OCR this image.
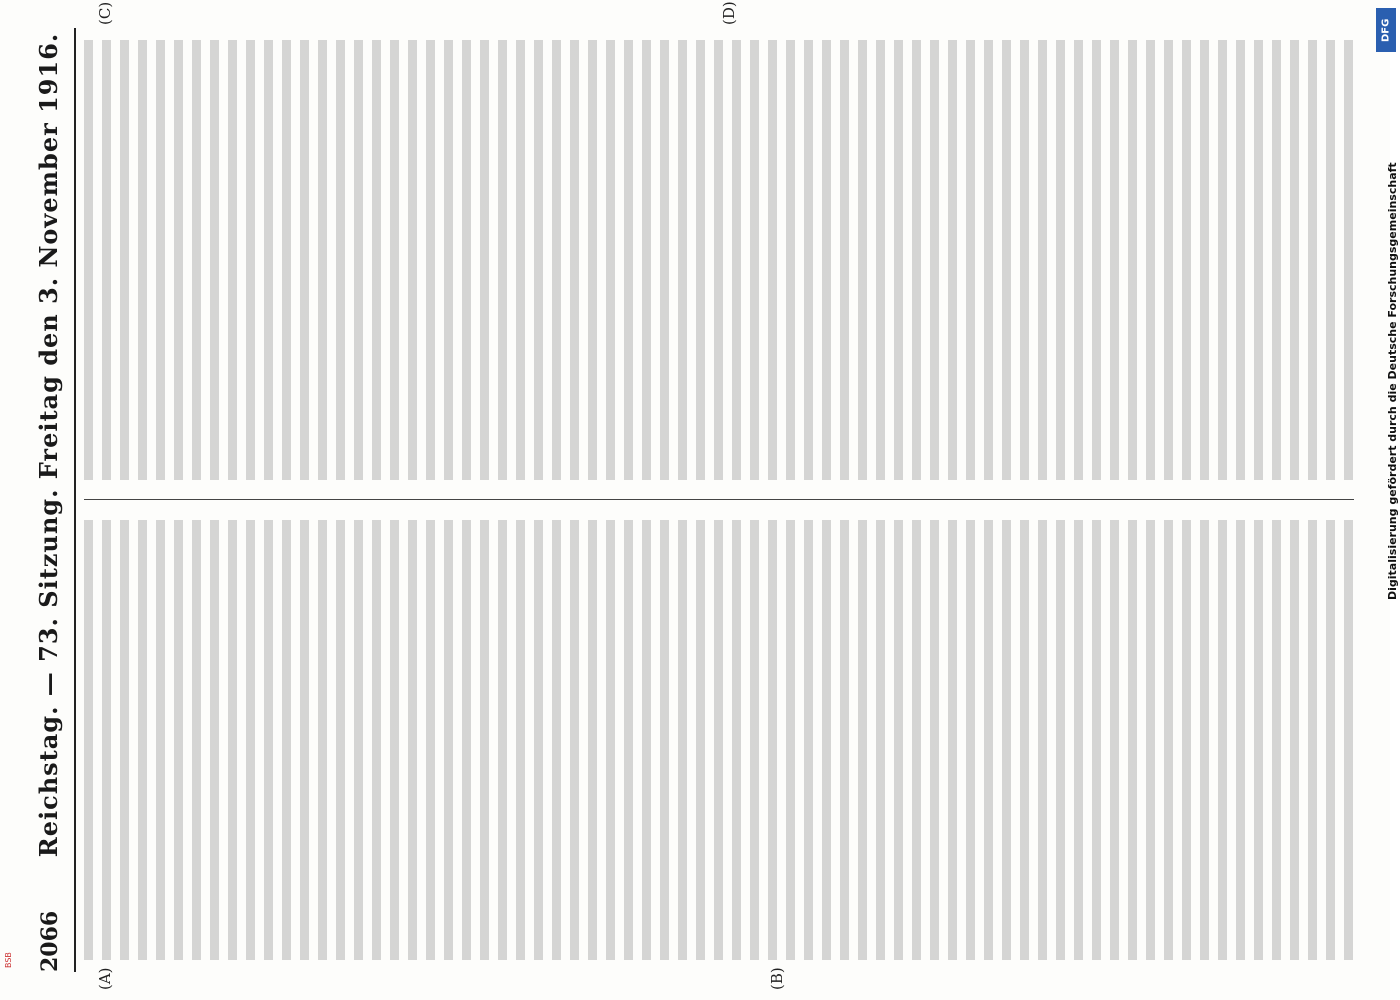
2066
Reichstag. — 73. Sitzung. Freitag den 3. November 1916.
(A)	(B)
(C)	(D)
DFG
Digitalisierung gefördert durch die Deutsche Forschungsgemeinschaft
BSB
